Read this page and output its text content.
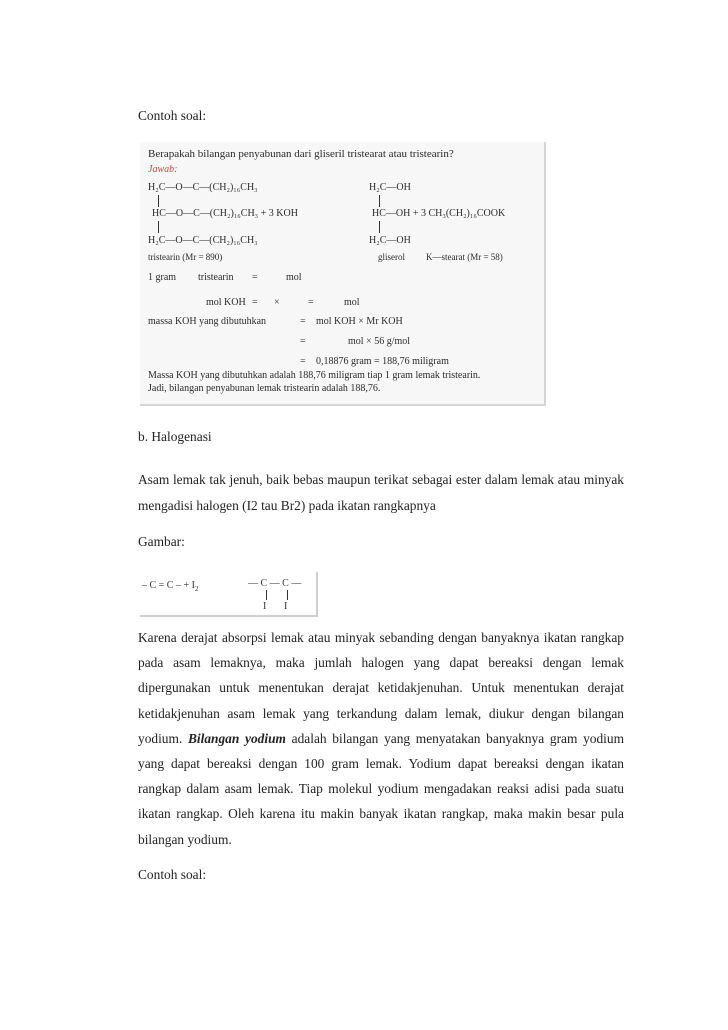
Contoh soal:

Berapakah bilangan penyabunan dari gliseril tristearat atau tristearin?
Jawab:
H₂C—O—C—(CH₂)₁₆CH₃
HC—O—C—(CH₂)₁₆CH₃ + 3 KOH
H₂C—O—C—(CH₂)₁₆CH₃
H₂C—OH
HC—OH + 3 CH₃(CH₂)₁₆COOK
H₂C—OH
tristearin (Mr = 890)	gliserol K—stearat (Mr = 58)
1 gram tristearin =	mol
mol KOH = ×	=	mol
massa KOH yang dibutuhkan	= mol KOH × Mr KOH
=	mol × 56 g/mol
= 0,18876 gram = 188,76 miligram
Massa KOH yang dibutuhkan adalah 188,76 miligram tiap 1 gram lemak tristearin.
Jadi, bilangan penyabunan lemak tristearin adalah 188,76.

b. Halogenasi

Asam lemak tak jenuh, baik bebas maupun terikat sebagai ester dalam lemak atau minyak mengadisi halogen (I2 tau Br2) pada ikatan rangkapnya

Gambar:

– C = C – + $I_2$	— C — C —
I I

Karena derajat absorpsi lemak atau minyak sebanding dengan banyaknya ikatan rangkap pada asam lemaknya, maka jumlah halogen yang dapat bereaksi dengan lemak dipergunakan untuk menentukan derajat ketidakjenuhan. Untuk menentukan derajat ketidakjenuhan asam lemak yang terkandung dalam lemak, diukur dengan bilangan yodium. Bilangan yodium adalah bilangan yang menyatakan banyaknya gram yodium yang dapat bereaksi dengan 100 gram lemak. Yodium dapat bereaksi dengan ikatan rangkap dalam asam lemak. Tiap molekul yodium mengadakan reaksi adisi pada suatu ikatan rangkap. Oleh karena itu makin banyak ikatan rangkap, maka makin besar pula bilangan yodium.

Contoh soal:
